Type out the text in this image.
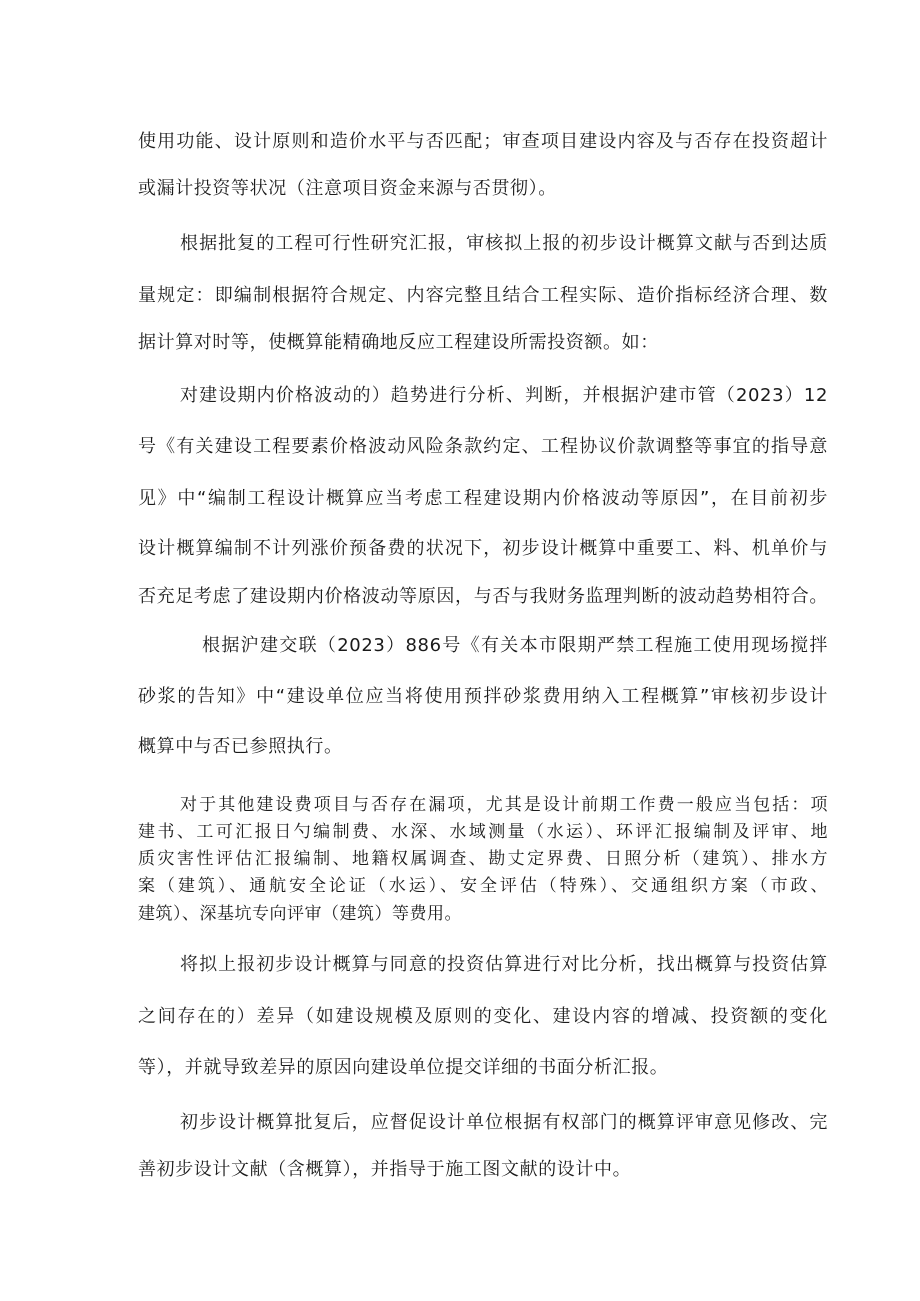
使用功能、设计原则和造价水平与否匹配；审查项目建设内容及与否存在投资超计
或漏计投资等状况（注意项目资金来源与否贯彻）。
根据批复的工程可行性研究汇报，审核拟上报的初步设计概算文献与否到达质
量规定：即编制根据符合规定、内容完整且结合工程实际、造价指标经济合理、数
据计算对时等，使概算能精确地反应工程建设所需投资额。如：
对建设期内价格波动的）趋势进行分析、判断，并根据沪建市管（2023）12
号《有关建设工程要素价格波动风险条款约定、工程协议价款调整等事宜的指导意
见》中“编制工程设计概算应当考虑工程建设期内价格波动等原因”，在目前初步
设计概算编制不计列涨价预备费的状况下，初步设计概算中重要工、料、机单价与
否充足考虑了建设期内价格波动等原因，与否与我财务监理判断的波动趋势相符合。
根据沪建交联（2023）886号《有关本市限期严禁工程施工使用现场搅拌
砂浆的告知》中“建设单位应当将使用预拌砂浆费用纳入工程概算”审核初步设计
概算中与否已参照执行。
对于其他建设费项目与否存在漏项，尤其是设计前期工作费一般应当包括：项
建书、工可汇报日勺编制费、水深、水域测量（水运）、环评汇报编制及评审、地
质灾害性评估汇报编制、地籍权属调查、勘丈定界费、日照分析（建筑）、排水方
案（建筑）、通航安全论证（水运）、安全评估（特殊）、交通组织方案（市政、
建筑）、深基坑专向评审（建筑）等费用。
将拟上报初步设计概算与同意的投资估算进行对比分析，找出概算与投资估算
之间存在的）差异（如建设规模及原则的变化、建设内容的增减、投资额的变化
等），并就导致差异的原因向建设单位提交详细的书面分析汇报。
初步设计概算批复后，应督促设计单位根据有权部门的概算评审意见修改、完
善初步设计文献（含概算），并指导于施工图文献的设计中。
